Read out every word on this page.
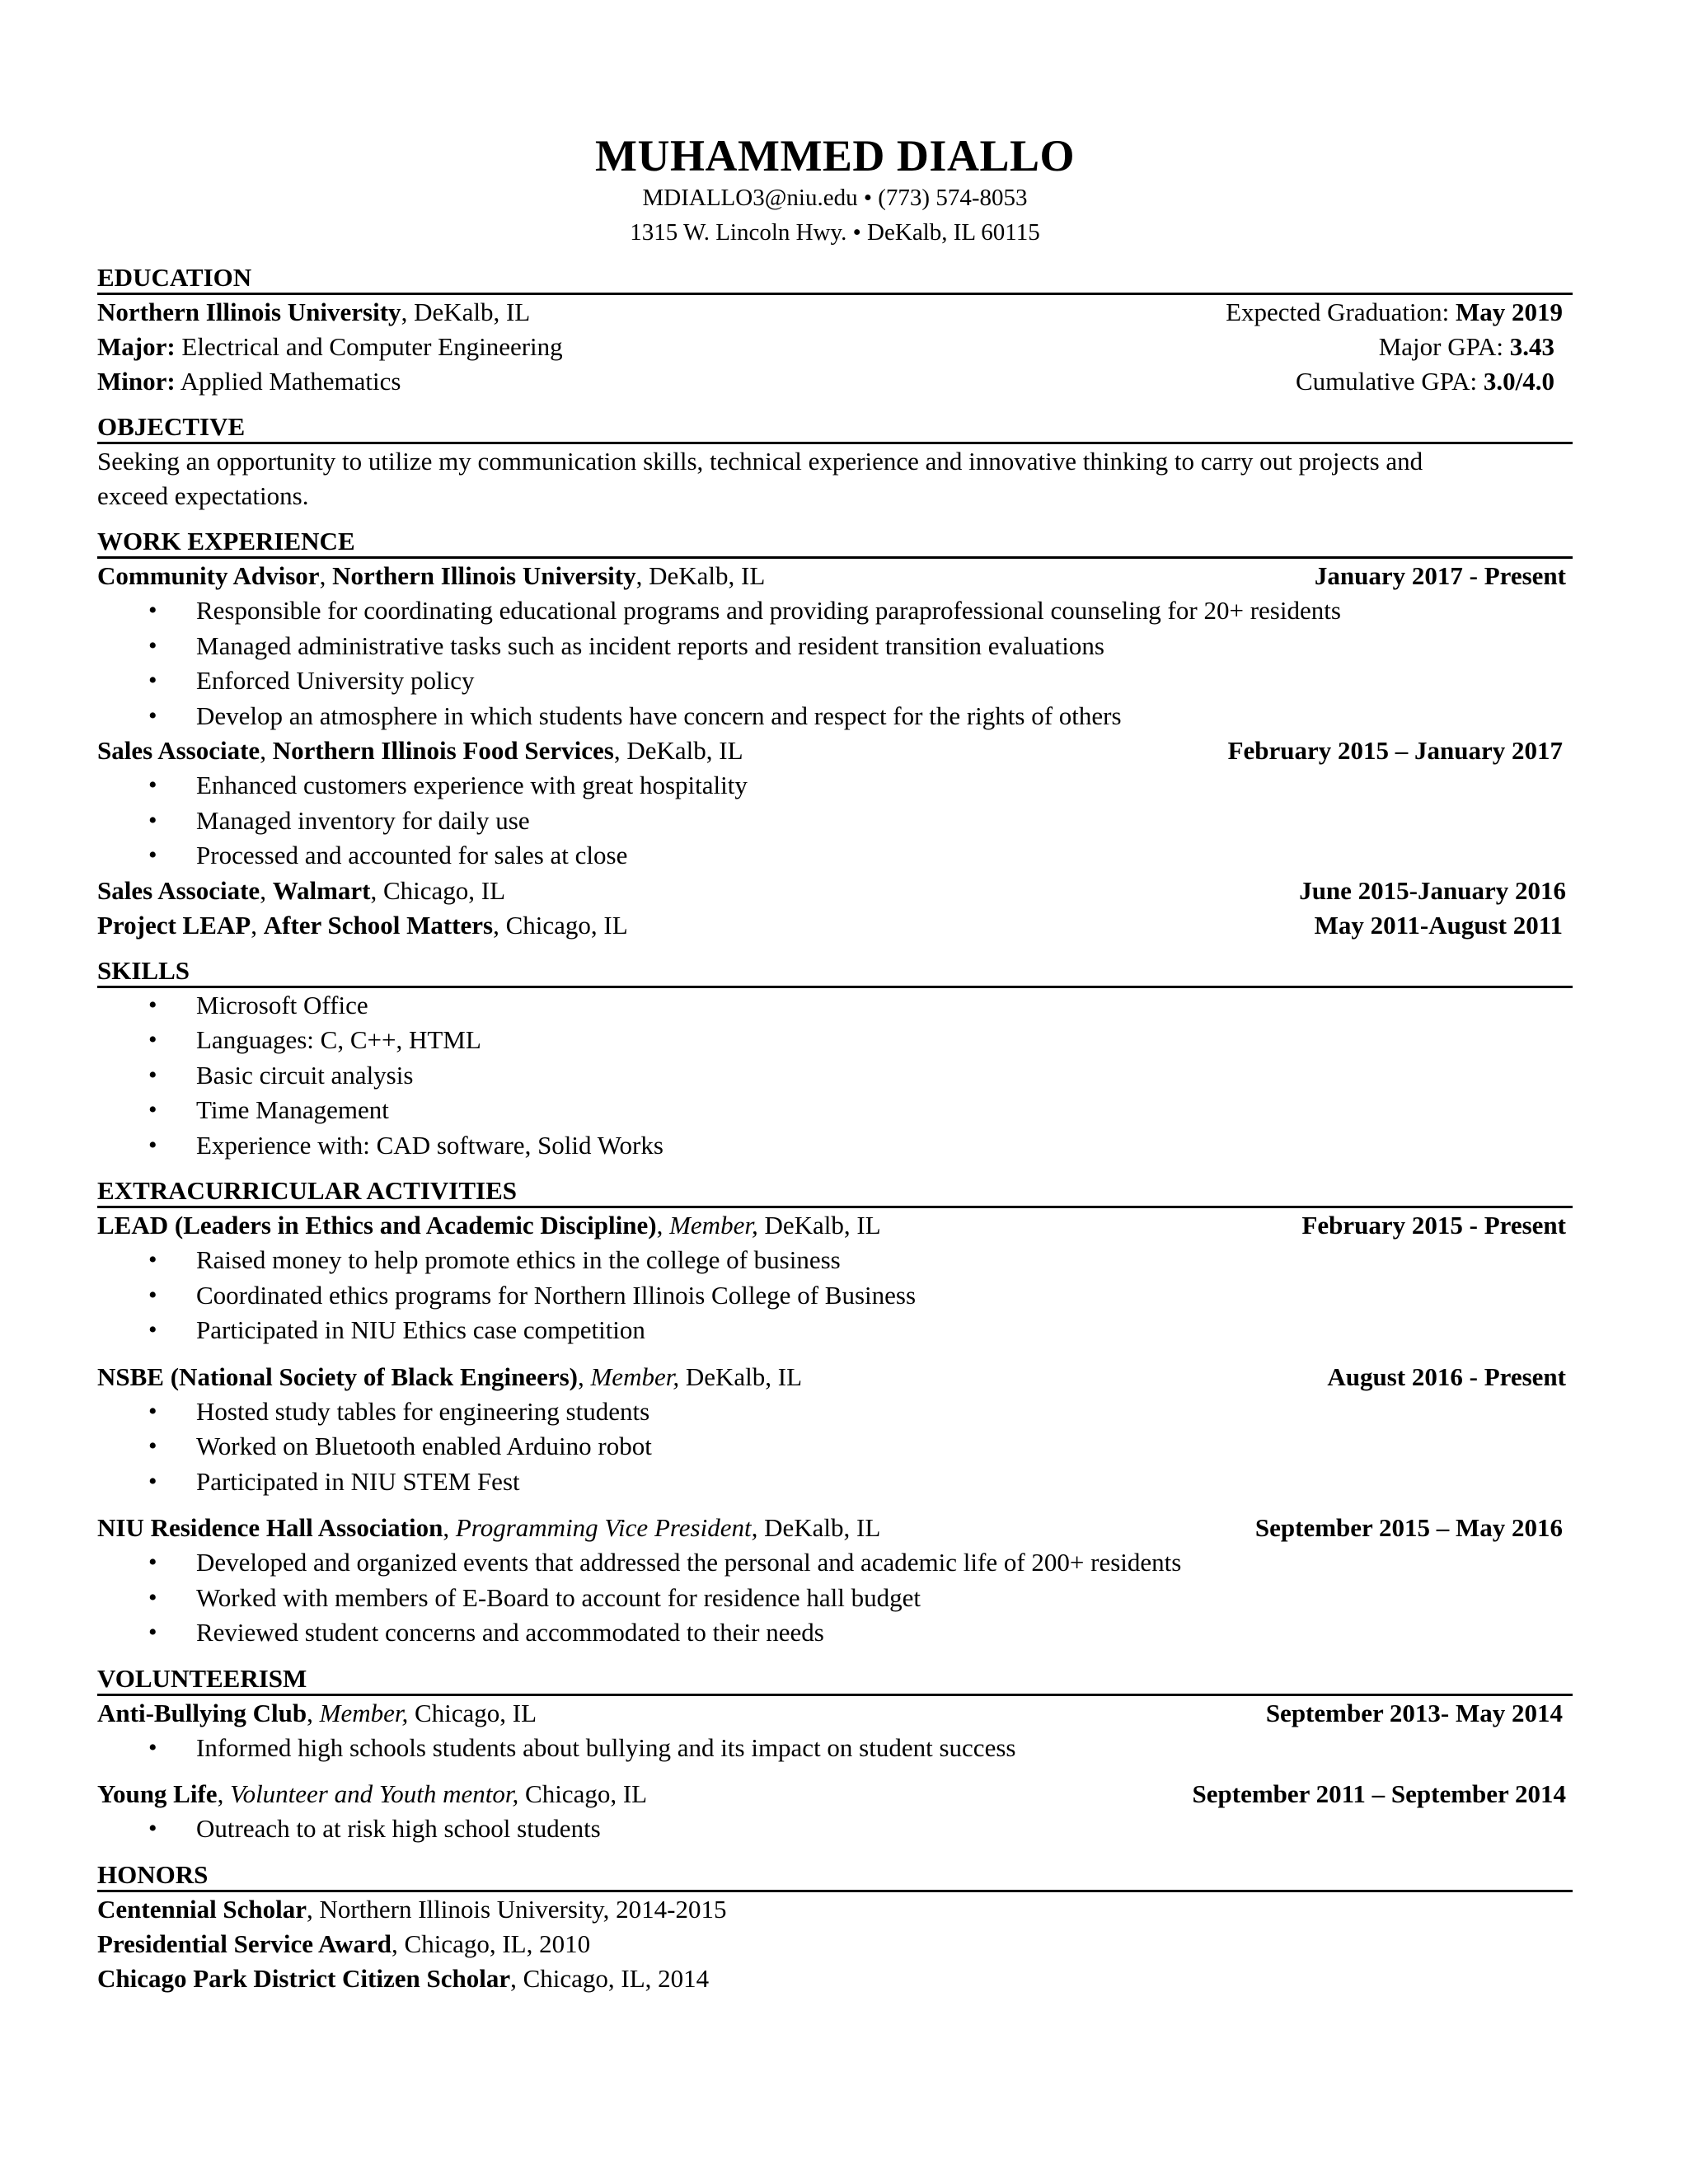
MUHAMMED DIALLO
MDIALLO3@niu.edu • (773) 574-8053
1315 W. Lincoln Hwy. • DeKalb, IL 60115
EDUCATION
Northern Illinois University, DeKalb, IL	Expected Graduation: May 2019
Major: Electrical and Computer Engineering	Major GPA: 3.43
Minor: Applied Mathematics	Cumulative GPA: 3.0/4.0
OBJECTIVE
Seeking an opportunity to utilize my communication skills, technical experience and innovative thinking to carry out projects and
exceed expectations.
WORK EXPERIENCE
Community Advisor, Northern Illinois University, DeKalb, IL	January 2017 - Present
• Responsible for coordinating educational programs and providing paraprofessional counseling for 20+ residents
• Managed administrative tasks such as incident reports and resident transition evaluations
• Enforced University policy
• Develop an atmosphere in which students have concern and respect for the rights of others
Sales Associate, Northern Illinois Food Services, DeKalb, IL	February 2015 – January 2017
• Enhanced customers experience with great hospitality
• Managed inventory for daily use
• Processed and accounted for sales at close
Sales Associate, Walmart, Chicago, IL	June 2015-January 2016
Project LEAP, After School Matters, Chicago, IL	May 2011-August 2011
SKILLS
• Microsoft Office
• Languages: C, C++, HTML
• Basic circuit analysis
• Time Management
• Experience with: CAD software, Solid Works
EXTRACURRICULAR ACTIVITIES
LEAD (Leaders in Ethics and Academic Discipline), Member, DeKalb, IL	February 2015 - Present
• Raised money to help promote ethics in the college of business
• Coordinated ethics programs for Northern Illinois College of Business
• Participated in NIU Ethics case competition
NSBE (National Society of Black Engineers), Member, DeKalb, IL	August 2016 - Present
• Hosted study tables for engineering students
• Worked on Bluetooth enabled Arduino robot
• Participated in NIU STEM Fest
NIU Residence Hall Association, Programming Vice President, DeKalb, IL	September 2015 – May 2016
• Developed and organized events that addressed the personal and academic life of 200+ residents
• Worked with members of E-Board to account for residence hall budget
• Reviewed student concerns and accommodated to their needs
VOLUNTEERISM
Anti-Bullying Club, Member, Chicago, IL	September 2013- May 2014
• Informed high schools students about bullying and its impact on student success
Young Life, Volunteer and Youth mentor, Chicago, IL	September 2011 – September 2014
• Outreach to at risk high school students
HONORS
Centennial Scholar, Northern Illinois University, 2014-2015
Presidential Service Award, Chicago, IL, 2010
Chicago Park District Citizen Scholar, Chicago, IL, 2014
